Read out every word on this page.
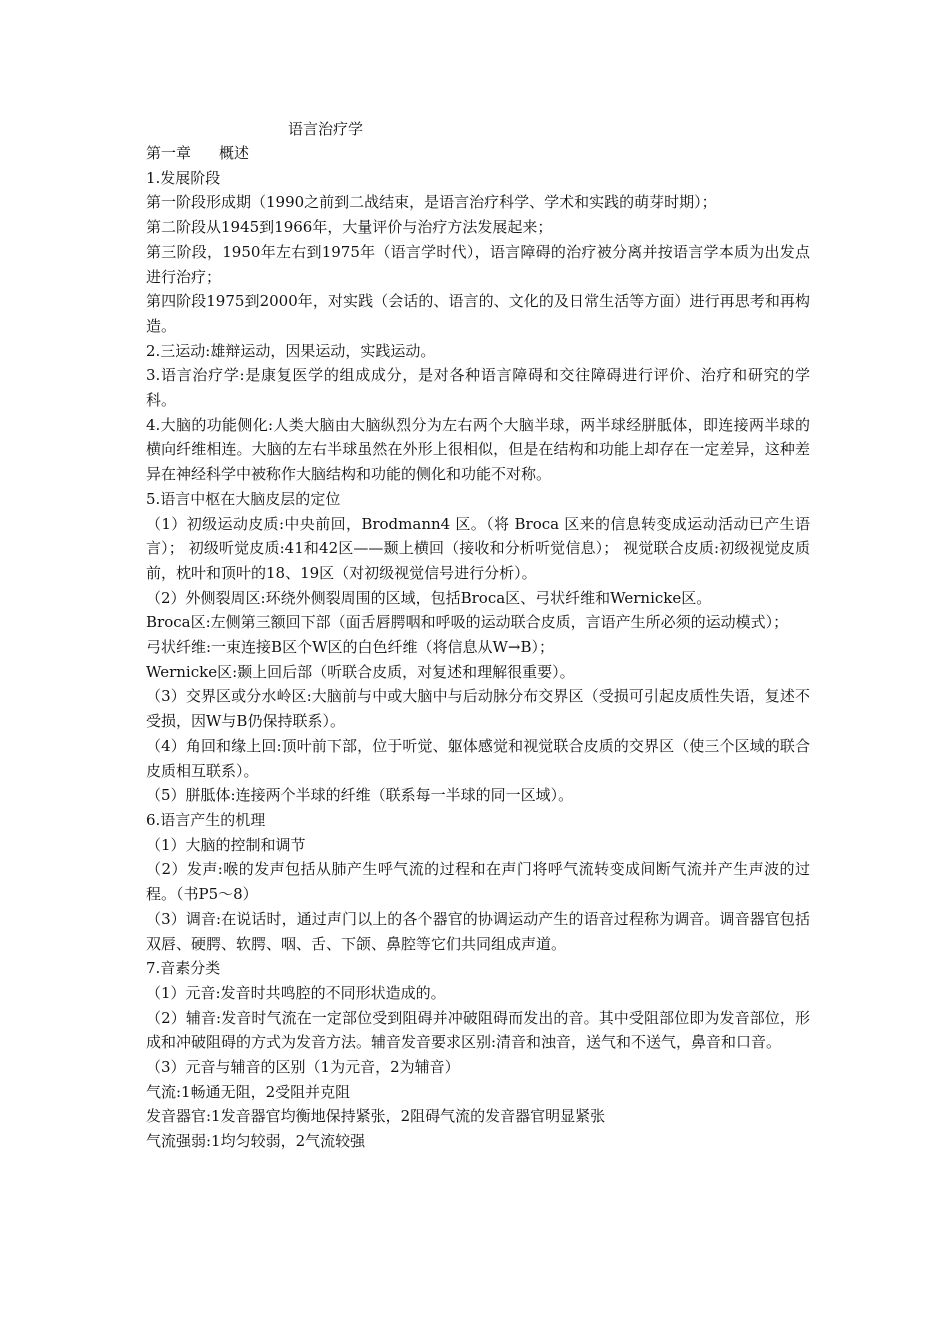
语言治疗学

第一章 概述

1.发展阶段

第一阶段形成期（1990之前到二战结束，是语言治疗科学、学术和实践的萌芽时期）；

第二阶段从1945到1966年，大量评价与治疗方法发展起来；

第三阶段，1950年左右到1975年（语言学时代），语言障碍的治疗被分离并按语言学本质为出发点进行治疗；

第四阶段1975到2000年，对实践（会话的、语言的、文化的及日常生活等方面）进行再思考和再构造。

2.三运动:雄辩运动，因果运动，实践运动。

3.语言治疗学:是康复医学的组成成分，是对各种语言障碍和交往障碍进行评价、治疗和研究的学科。

4.大脑的功能侧化:人类大脑由大脑纵烈分为左右两个大脑半球，两半球经胼胝体，即连接两半球的横向纤维相连。大脑的左右半球虽然在外形上很相似，但是在结构和功能上却存在一定差异，这种差异在神经科学中被称作大脑结构和功能的侧化和功能不对称。

5.语言中枢在大脑皮层的定位

（1）初级运动皮质:中央前回，Brodmann4 区。（将 Broca 区来的信息转变成运动活动已产生语言）； 初级听觉皮质:41和42区——颞上横回（接收和分析听觉信息）； 视觉联合皮质:初级视觉皮质前，枕叶和顶叶的18、19区（对初级视觉信号进行分析）。

（2）外侧裂周区:环绕外侧裂周围的区域，包括Broca区、弓状纤维和Wernicke区。

Broca区:左侧第三额回下部（面舌唇腭咽和呼吸的运动联合皮质，言语产生所必须的运动模式）；

弓状纤维:一束连接B区个W区的白色纤维（将信息从W→B）；

Wernicke区:颞上回后部（听联合皮质，对复述和理解很重要）。

（3）交界区或分水岭区:大脑前与中或大脑中与后动脉分布交界区（受损可引起皮质性失语，复述不受损，因W与B仍保持联系）。

（4）角回和缘上回:顶叶前下部，位于听觉、躯体感觉和视觉联合皮质的交界区（使三个区域的联合皮质相互联系）。

（5）胼胝体:连接两个半球的纤维（联系每一半球的同一区域）。

6.语言产生的机理

（1）大脑的控制和调节

（2）发声:喉的发声包括从肺产生呼气流的过程和在声门将呼气流转变成间断气流并产生声波的过程。（书P5～8）

（3）调音:在说话时，通过声门以上的各个器官的协调运动产生的语音过程称为调音。调音器官包括双唇、硬腭、软腭、咽、舌、下颌、鼻腔等它们共同组成声道。

7.音素分类

（1）元音:发音时共鸣腔的不同形状造成的。

（2）辅音:发音时气流在一定部位受到阻碍并冲破阻碍而发出的音。其中受阻部位即为发音部位，形成和冲破阻碍的方式为发音方法。辅音发音要求区别:清音和浊音，送气和不送气，鼻音和口音。

（3）元音与辅音的区别（1为元音，2为辅音）

气流:1畅通无阻，2受阻并克阻

发音器官:1发音器官均衡地保持紧张，2阻碍气流的发音器官明显紧张

气流强弱:1均匀较弱，2气流较强
